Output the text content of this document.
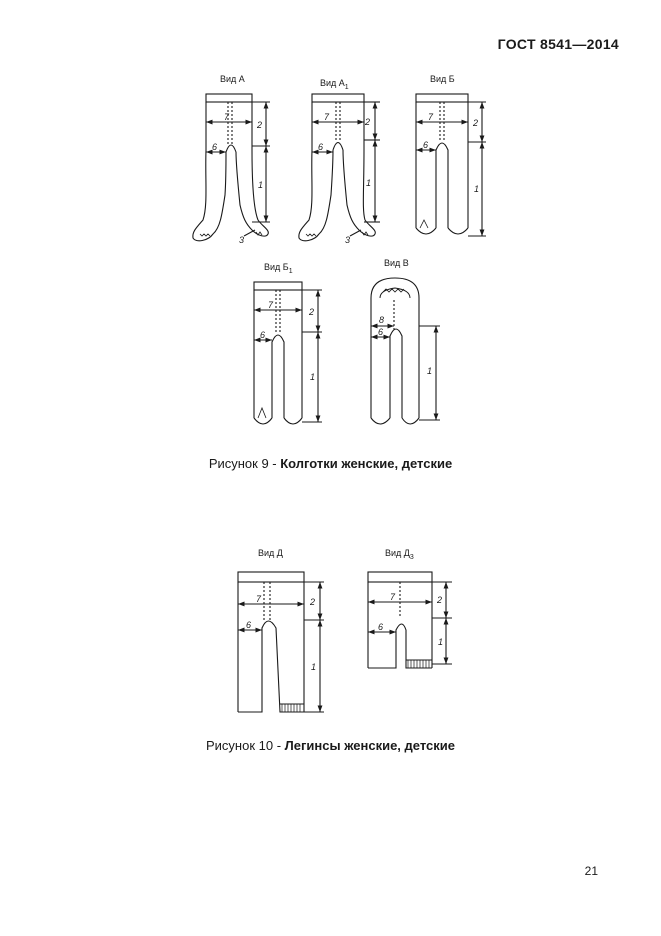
ГОСТ 8541—2014
Вид А
7
6
2
1
3
Вид $А_1$
7
6
2
1
3
Вид Б
7
6
2
1
Вид $Б_1$
7
6
2
1
Вид В
8
6
1
Вид Д
7
6
2
1
Вид $Д_3$
7
6
2
1
Рисунок 9 - Колготки женские, детские
Рисунок 10 - Легинсы женские, детские
21
